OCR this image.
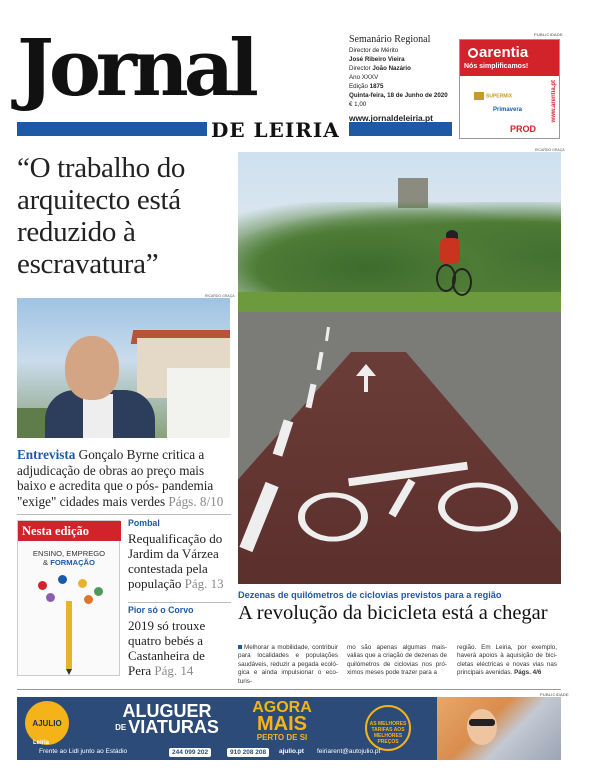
Jornal
DE LEIRIA
Semanário Regional
Director de Mérito
José Ribeiro Vieira
Director João Nazário
Ano XXXV
Edição 1875
Quinta-feira, 18 de Junho de 2020
€ 1,00
www.jornaldeleiria.pt
PUBLICIDADE
arentia
Nós simplificamos!
www.arentia.pt
SUPERMIX
Primavera
PROD
“O trabalho do arquitecto está reduzido à escravatura”
RICARDO GRAÇA
Entrevista Gonçalo Byrne critica a adjudicação de obras ao preço mais baixo e acredita que o pós- pandemia "exige" cidades mais verdes Págs. 8/10
Nesta edição
ENSINO, EMPREGO
& FORMAÇÃO
Pombal
Requalificação do Jardim da Várzea contestada pela população Pág. 13
Pior só o Corvo
2019 só trouxe quatro bebés a Castanheira de Pera Pág. 14
RICARDO GRAÇA
Dezenas de quilómetros de ciclovias previstos para a região
A revolução da bicicleta está a chegar
Melhorar a mobilidade, contribuir para localidades e populações saudáveis, reduzir a pegada ecoló- gica e ainda impulsionar o eco-turis-
mo são apenas algumas mais-valias que a criação de dezenas de quilómetros de ciclovias nos pró- ximos meses pode trazer para a
região. Em Leiria, por exemplo, haverá apoios à aquisição de bici- cletas eléctricas e novas vias nas principais avenidas. Págs. 4/6
PUBLICIDADE
AJULIO
Leiria
ALUGUER
DE VIATURAS
AGORA
MAIS
PERTO DE SI
AS MELHORES TARIFAS AOS MELHORES PREÇOS
Frente ao Lidl junto ao Estádio	244 099 202	910 208 208	ajulio.pt feiriarent@autojulio.pt
